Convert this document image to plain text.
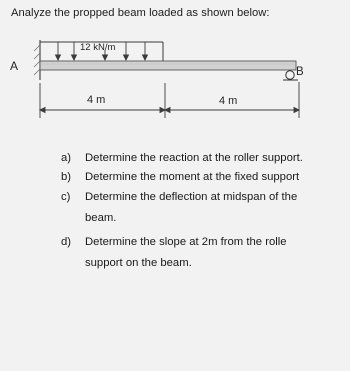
Analyze the propped beam loaded as shown below:
12 kN/m
A	B
4 m	4 m
a) Determine the reaction at the roller support.
b) Determine the moment at the fixed support
c) Determine the deflection at midspan of the
beam.
d) Determine the slope at 2m from the rolle
support on the beam.
